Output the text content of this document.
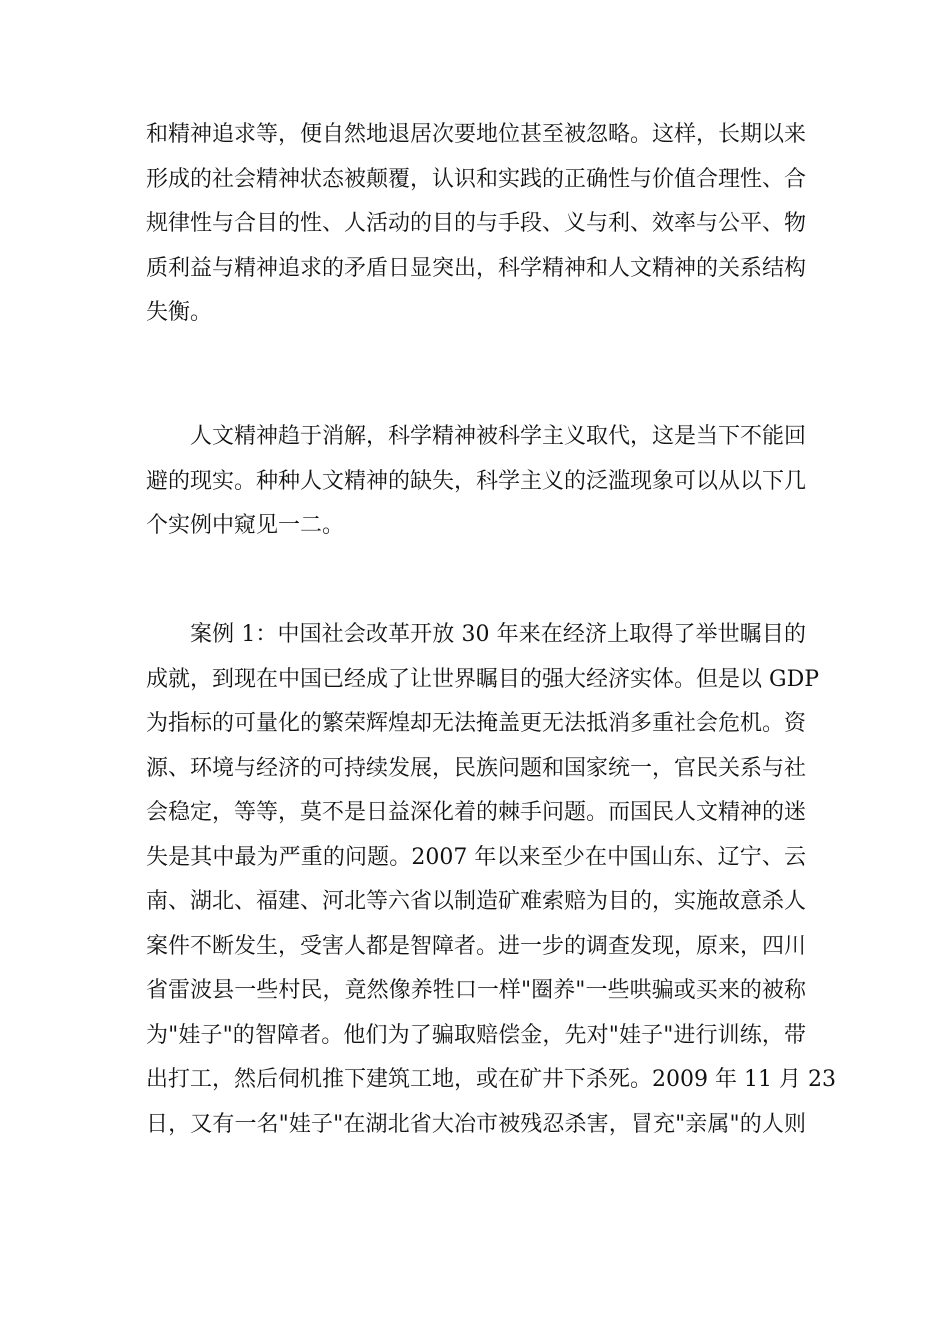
和精神追求等，便自然地退居次要地位甚至被忽略。这样，长期以来
形成的社会精神状态被颠覆，认识和实践的正确性与价值合理性、合
规律性与合目的性、人活动的目的与手段、义与利、效率与公平、物
质利益与精神追求的矛盾日显突出，科学精神和人文精神的关系结构
失衡。
人文精神趋于消解，科学精神被科学主义取代，这是当下不能回
避的现实。种种人文精神的缺失，科学主义的泛滥现象可以从以下几
个实例中窥见一二。
案例 1：中国社会改革开放 30 年来在经济上取得了举世瞩目的
成就，到现在中国已经成了让世界瞩目的强大经济实体。但是以 GDP
为指标的可量化的繁荣辉煌却无法掩盖更无法抵消多重社会危机。资
源、环境与经济的可持续发展，民族问题和国家统一，官民关系与社
会稳定，等等，莫不是日益深化着的棘手问题。而国民人文精神的迷
失是其中最为严重的问题。2007 年以来至少在中国山东、辽宁、云
南、湖北、福建、河北等六省以制造矿难索赔为目的，实施故意杀人
案件不断发生，受害人都是智障者。进一步的调查发现，原来，四川
省雷波县一些村民，竟然像养牲口一样"圈养"一些哄骗或买来的被称
为"娃子"的智障者。他们为了骗取赔偿金，先对"娃子"进行训练，带
出打工，然后伺机推下建筑工地，或在矿井下杀死。2009 年 11 月 23
日，又有一名"娃子"在湖北省大冶市被残忍杀害，冒充"亲属"的人则
